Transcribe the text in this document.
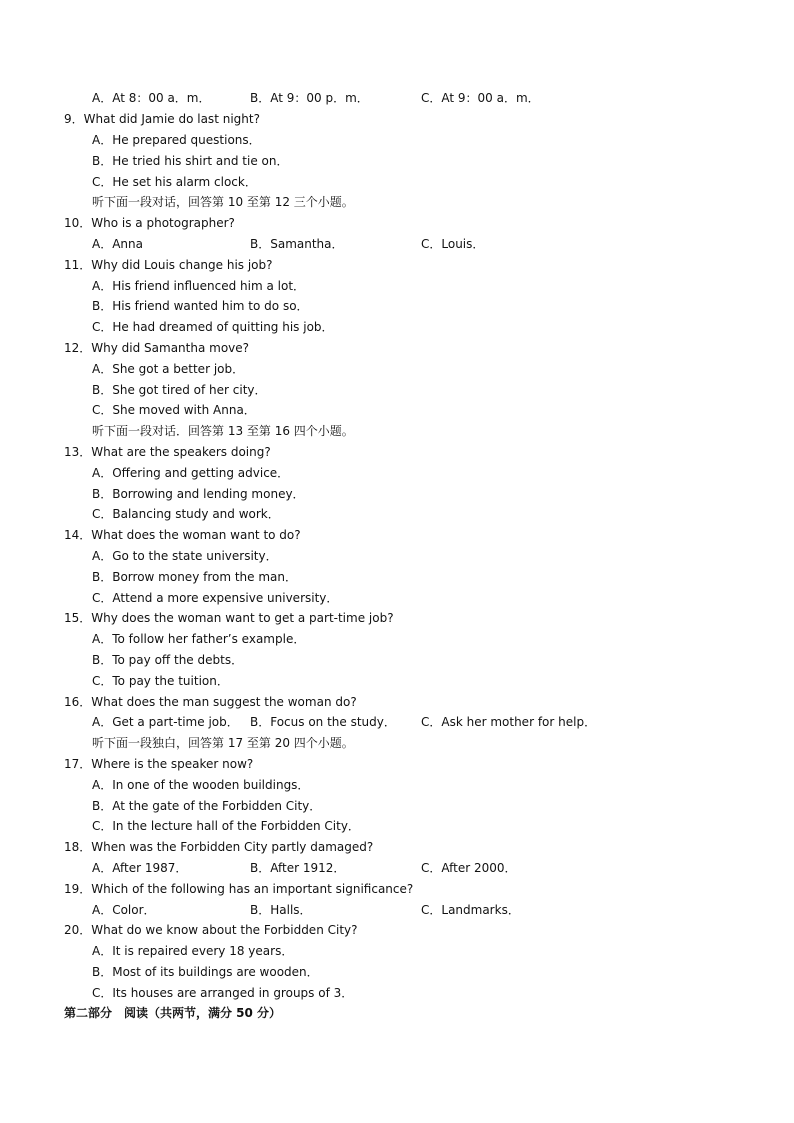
A．At 8：00 a．m．	B．At 9：00 p．m．	C．At 9：00 a．m．
9．What did Jamie do last night?
A．He prepared questions．
B．He tried his shirt and tie on．
C．He set his alarm clock．
听下面一段对话，回答第 10 至第 12 三个小题。
10．Who is a photographer?
A．Anna	B．Samantha．	C．Louis．
11．Why did Louis change his job?
A．His friend influenced him a lot．
B．His friend wanted him to do so．
C．He had dreamed of quitting his job．
12．Why did Samantha move?
A．She got a better job．
B．She got tired of her city．
C．She moved with Anna．
听下面一段对话．回答第 13 至第 16 四个小题。
13．What are the speakers doing?
A．Offering and getting advice．
B．Borrowing and lending money．
C．Balancing study and work．
14．What does the woman want to do?
A．Go to the state university．
B．Borrow money from the man．
C．Attend a more expensive university．
15．Why does the woman want to get a part-time job?
A．To follow her father’s example．
B．To pay off the debts．
C．To pay the tuition．
16．What does the man suggest the woman do?
A．Get a part-time job． B．Focus on the study． C．Ask her mother for help．
听下面一段独白，回答第 17 至第 20 四个小题。
17．Where is the speaker now?
A．In one of the wooden buildings．
B．At the gate of the Forbidden City．
C．In the lecture hall of the Forbidden City．
18．When was the Forbidden City partly damaged?
A．After 1987．	B．After 1912．	C．After 2000．
19．Which of the following has an important significance?
A．Color．	B．Halls．	C．Landmarks．
20．What do we know about the Forbidden City?
A．It is repaired every 18 years．
B．Most of its buildings are wooden．
C．Its houses are arranged in groups of 3．
第二部分　阅读（共两节，满分 50 分）
